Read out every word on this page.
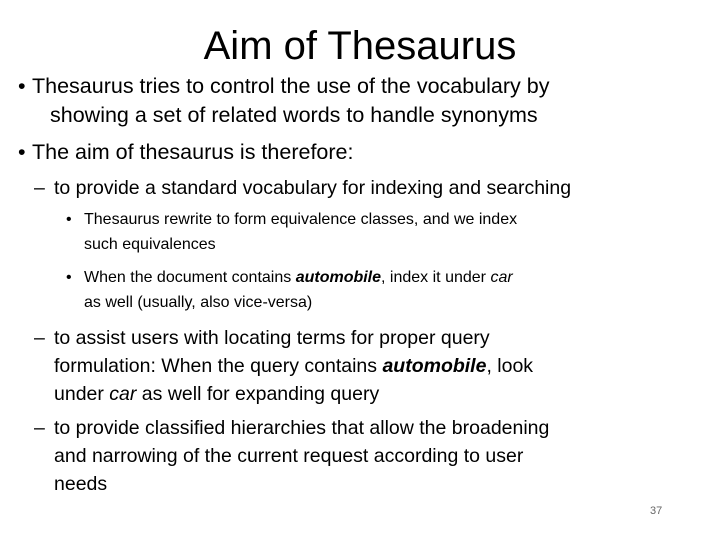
Aim of Thesaurus
• Thesaurus tries to control the use of the vocabulary by
showing a set of related words to handle synonyms
• The aim of thesaurus is therefore:
– to provide a standard vocabulary for indexing and searching
• Thesaurus rewrite to form equivalence classes, and we index
such equivalences
• When the document contains automobile, index it under car
as well (usually, also vice-versa)
– to assist users with locating terms for proper query
formulation: When the query contains automobile, look
under car as well for expanding query
– to provide classified hierarchies that allow the broadening
and narrowing of the current request according to user
needs
37
